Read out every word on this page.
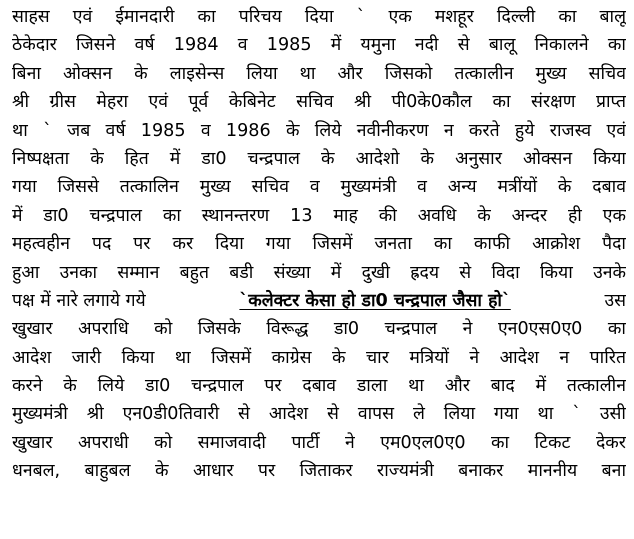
साहस एवं ईमानदारी का परिचय दिया ` एक मशहूर दिल्ली का बालू
ठेकेदार जिसने वर्ष 1984 व 1985 में यमुना नदी से बालू निकालने का
बिना ओक्सन के लाइसेन्स लिया था और जिसको तत्कालीन मुख्य सचिव
श्री ग्रीस मेहरा एवं पूर्व केबिनेट सचिव श्री पी0के0कौल का संरक्षण प्राप्त
था ` जब वर्ष 1985 व 1986 के लिये नवीनीकरण न करते हुये राजस्व एवं
निष्पक्षता के हित में डा0 चन्द्रपाल के आदेशो के अनुसार ओक्सन किया
गया जिससे तत्कालिन मुख्य सचिव व मुख्यमंत्री व अन्य मत्रींयों के दबाव
में डा0 चन्द्रपाल का स्थानन्तरण 13 माह की अवधि के अन्दर ही एक
महत्वहीन पद पर कर दिया गया जिसमें जनता का काफी आक्रोश पैदा
हुआ उनका सम्मान बहुत बडी संख्या में दुखी ह्रदय से विदा किया उनके
पक्ष में नारे लगाये गये	`कलेक्टर केसा हो डा0 चन्द्रपाल जैसा हो`	उस
खुखार अपराधि को जिसके विरूद्ध डा0 चन्द्रपाल ने एन0एस0ए0 का
आदेश जारी किया था जिसमें काग्रेस के चार मत्रियों ने आदेश न पारित
करने के लिये डा0 चन्द्रपाल पर दबाव डाला था और बाद में तत्कालीन
मुख्यमंत्री श्री एन0डी0तिवारी से आदेश से वापस ले लिया गया था ` उसी
खुखार अपराधी को समाजवादी पार्टी ने एम0एल0ए0 का टिकट देकर
धनबल, बाहुबल के आधार पर जिताकर राज्यमंत्री बनाकर माननीय बना
